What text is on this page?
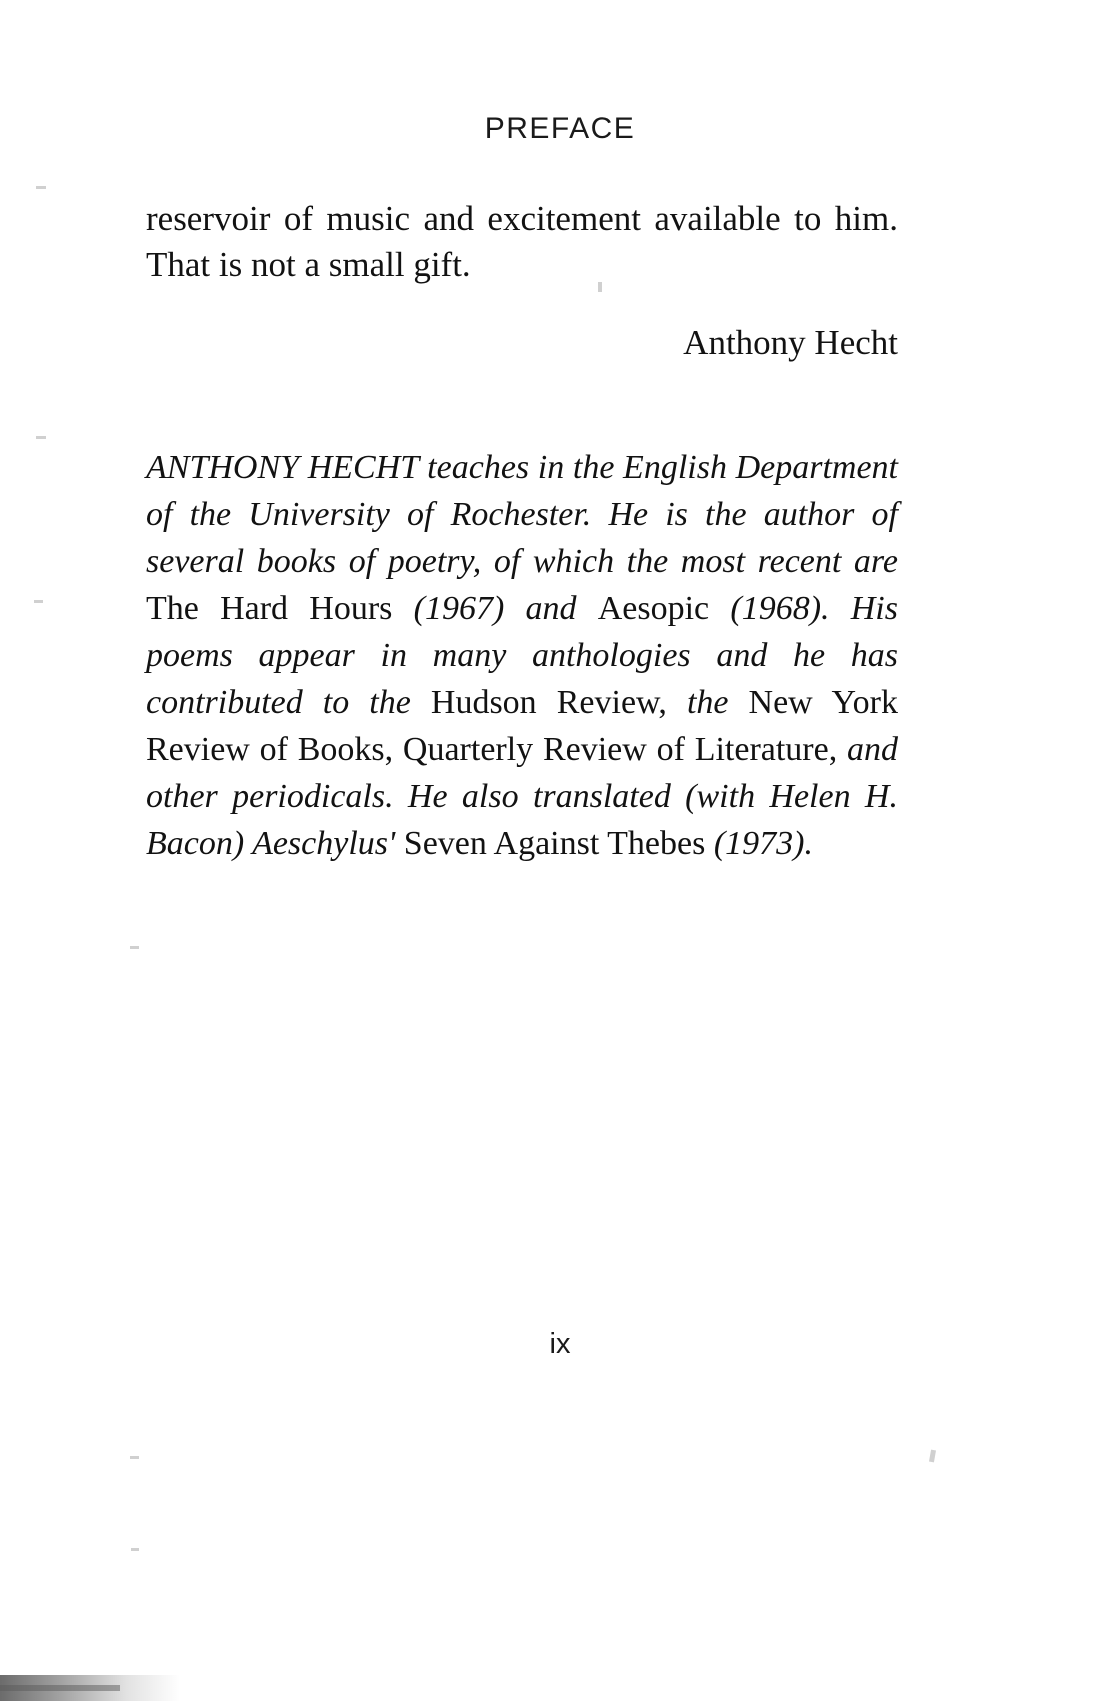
PREFACE
reservoir of music and excitement available to him. That is not a small gift.
Anthony Hecht
ANTHONY HECHT teaches in the English Department of the University of Rochester. He is the author of several books of poetry, of which the most recent are The Hard Hours (1967) and Aesopic (1968). His poems appear in many anthologies and he has contributed to the Hudson Review, the New York Review of Books, Quarterly Review of Literature, and other periodicals. He also translated (with Helen H. Bacon) Aeschylus' Seven Against Thebes (1973).
ix
